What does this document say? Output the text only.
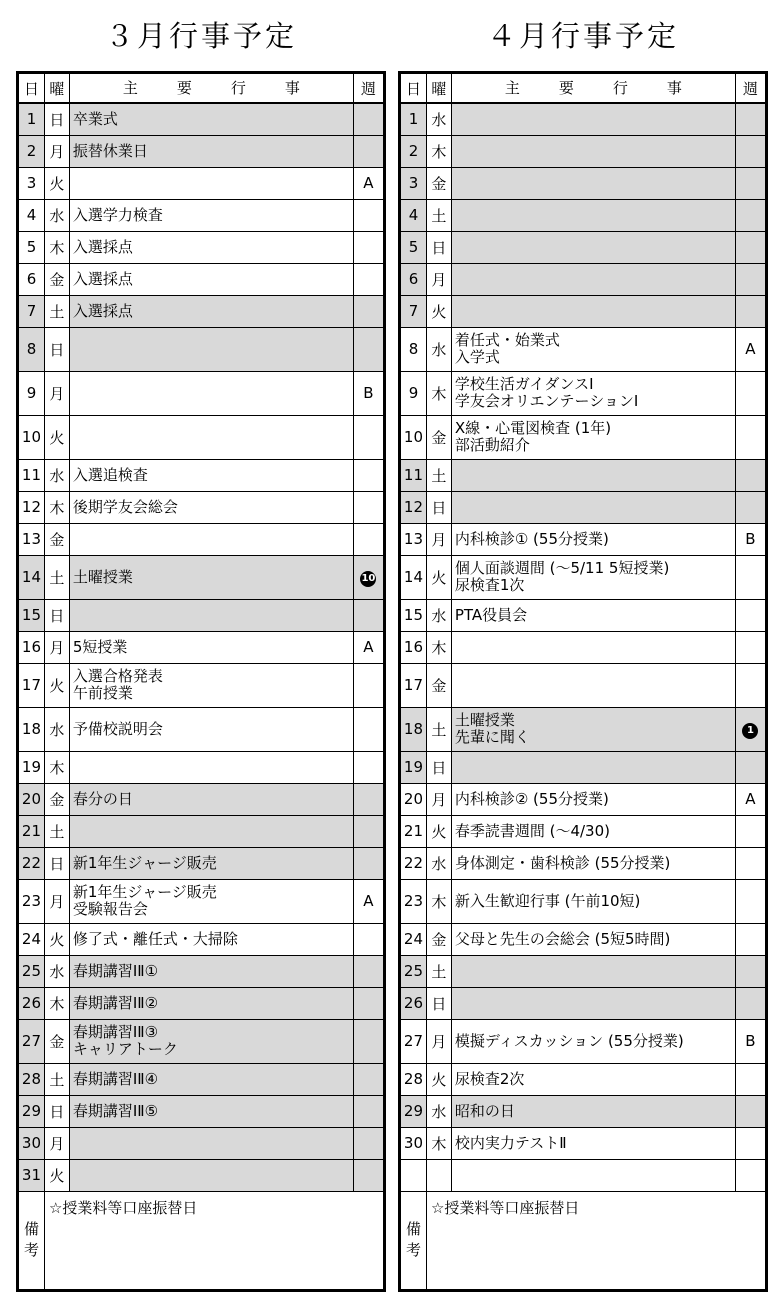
３月行事予定	４月行事予定
日	曜	主 要 行 事	週
1	日	卒業式	

2	月	振替休業日	

3	火		A
4	水	入選学力検査	

5	木	入選採点	

6	金	入選採点	

7	土	入選採点	

8	日		
9	月		B
10	火		
11	水	入選追検査	

12	木	後期学友会総会	

13	金		
14	土	土曜授業	10
15	日		
16	月	5短授業	A
17	火	入選合格発表
午前授業	

18	水	予備校説明会	

19	木		
20	金	春分の日	

21	土		
22	日	新1年生ジャージ販売	

23	月	新1年生ジャージ販売
受験報告会	A
24	火	修了式・離任式・大掃除	

25	水	春期講習ⅠⅡ①	

26	木	春期講習ⅠⅡ②	

27	金	春期講習ⅠⅡ③
キャリアトーク	

28	土	春期講習ⅠⅡ④	

29	日	春期講習ⅠⅡ⑤	

30	月		
31	火		

備
考	☆授業料等口座振替日		
日	曜	主 要 行 事	週
1	水		
2	木		
3	金		
4	土		
5	日		
6	月		
7	火		
8	水	着任式・始業式
入学式	A
9	木	学校生活ガイダンスⅠ
学友会オリエンテーションⅠ	

10	金	X線・心電図検査 (1年)
部活動紹介	

11	土		
12	日		
13	月	内科検診① (55分授業)	B
14	火	個人面談週間 (～5/11 5短授業)
尿検査1次	

15	水	PTA役員会	

16	木		
17	金		
18	土	土曜授業
先輩に聞く	1
19	日		
20	月	内科検診② (55分授業)	A
21	火	春季読書週間 (～4/30)	

22	水	身体測定・歯科検診 (55分授業)	

23	木	新入生歓迎行事 (午前10短)	

24	金	父母と先生の会総会 (5短5時間)	

25	土		
26	日		
27	月	模擬ディスカッション (55分授業)	B
28	火	尿検査2次	

29	水	昭和の日	

30	木	校内実力テストⅡ	

備
考	☆授業料等口座振替日		
